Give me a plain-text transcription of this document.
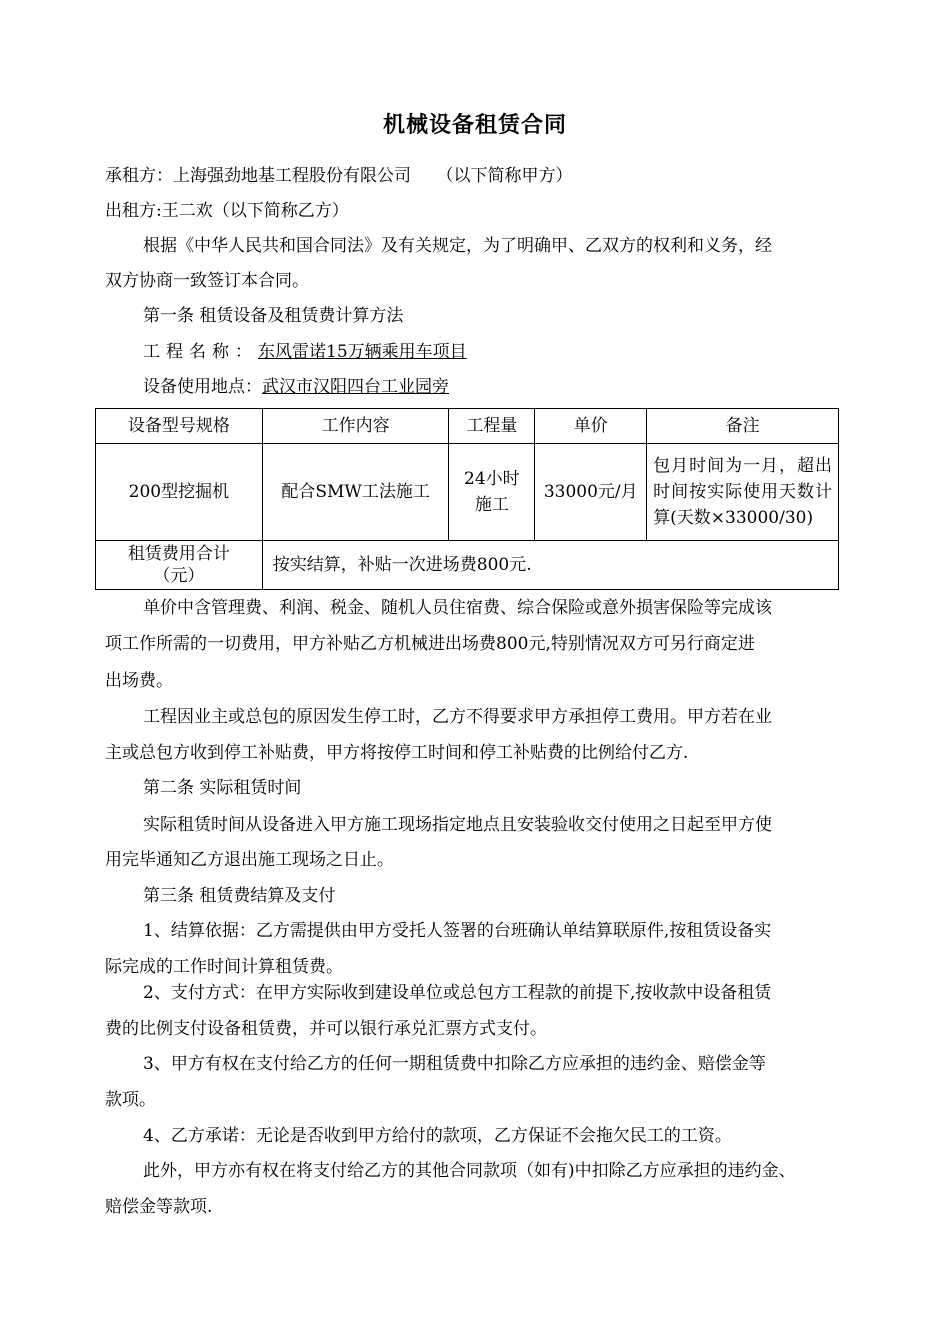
机械设备租赁合同
承租方：上海强劲地基工程股份有限公司　　（以下简称甲方）
出租方:王二欢（以下简称乙方）
根据《中华人民共和国合同法》及有关规定，为了明确甲、乙双方的权利和义务，经
双方协商一致签订本合同。
第一条 租赁设备及租赁费计算方法
工程名称：东风雷诺15万辆乘用车项目
设备使用地点：武汉市汉阳四台工业园旁
设备型号规格	工作内容	工程量	单价	备注
200型挖掘机	配合SMW工法施工	24小时施工	33000元/月	包月时间为一月，超出时间按实际使用天数计算(天数×33000/30)
租赁费用合计（元）	按实结算，补贴一次进场费800元.			
单价中含管理费、利润、税金、随机人员住宿费、综合保险或意外损害保险等完成该
项工作所需的一切费用，甲方补贴乙方机械进出场费800元,特别情况双方可另行商定进
出场费。
工程因业主或总包的原因发生停工时，乙方不得要求甲方承担停工费用。甲方若在业
主或总包方收到停工补贴费，甲方将按停工时间和停工补贴费的比例给付乙方.
第二条 实际租赁时间
实际租赁时间从设备进入甲方施工现场指定地点且安装验收交付使用之日起至甲方使
用完毕通知乙方退出施工现场之日止。
第三条 租赁费结算及支付
1、结算依据：乙方需提供由甲方受托人签署的台班确认单结算联原件,按租赁设备实
际完成的工作时间计算租赁费。
2、支付方式：在甲方实际收到建设单位或总包方工程款的前提下,按收款中设备租赁
费的比例支付设备租赁费，并可以银行承兑汇票方式支付。
3、甲方有权在支付给乙方的任何一期租赁费中扣除乙方应承担的违约金、赔偿金等
款项。
4、乙方承诺：无论是否收到甲方给付的款项，乙方保证不会拖欠民工的工资。
此外，甲方亦有权在将支付给乙方的其他合同款项（如有)中扣除乙方应承担的违约金、
赔偿金等款项.
